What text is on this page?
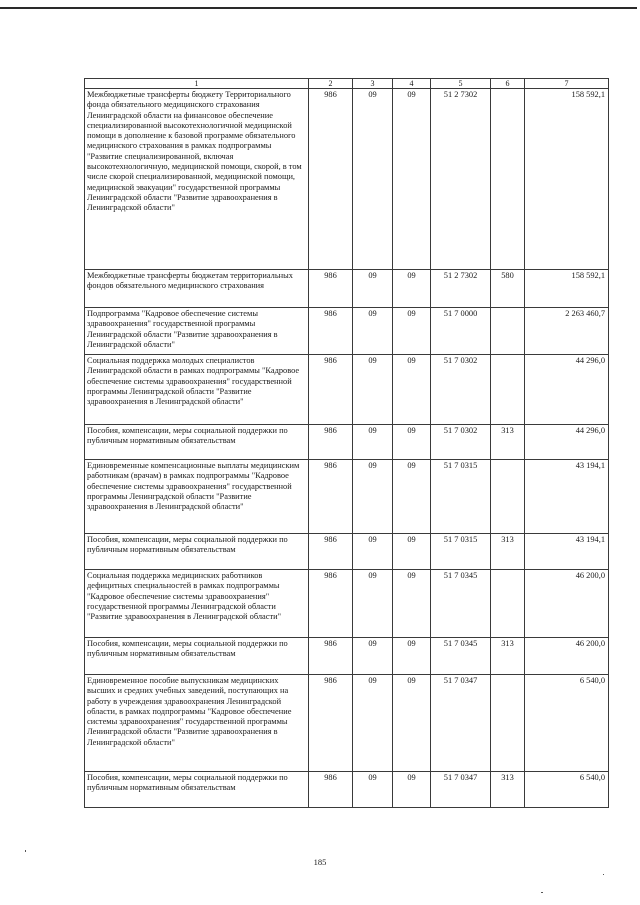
1	2	3	4	5	6	7
Межбюджетные трансферты бюджету Территориального фонда обязательного медицинского страхования Ленинградской области на финансовое обеспечение специализированной высокотехнологичной медицинской помощи в дополнение к базовой программе обязательного медицинского страхования в рамках подпрограммы "Развитие специализированной, включая высокотехнологичную, медицинской помощи, скорой, в том числе скорой специализированной, медицинской помощи, медицинской эвакуации" государственной программы Ленинградской области "Развитие здравоохранения в Ленинградской области"	986	09	09	51 2 7302		158 592,1
Межбюджетные трансферты бюджетам территориальных фондов обязательного медицинского страхования	986	09	09	51 2 7302	580	158 592,1
Подпрограмма "Кадровое обеспечение системы здравоохранения" государственной программы Ленинградской области "Развитие здравоохранения в Ленинградской области"	986	09	09	51 7 0000		2 263 460,7
Социальная поддержка молодых специалистов Ленинградской области в рамках подпрограммы "Кадровое обеспечение системы здравоохранения" государственной программы Ленинградской области "Развитие здравоохранения в Ленинградской области"	986	09	09	51 7 0302		44 296,0
Пособия, компенсации, меры социальной поддержки по публичным нормативным обязательствам	986	09	09	51 7 0302	313	44 296,0
Единовременные компенсационные выплаты медицинским работникам (врачам) в рамках подпрограммы "Кадровое обеспечение системы здравоохранения" государственной программы Ленинградской области "Развитие здравоохранения в Ленинградской области"	986	09	09	51 7 0315		43 194,1
Пособия, компенсации, меры социальной поддержки по публичным нормативным обязательствам	986	09	09	51 7 0315	313	43 194,1
Социальная поддержка медицинских работников дефицитных специальностей в рамках подпрограммы "Кадровое обеспечение системы здравоохранения" государственной программы Ленинградской области "Развитие здравоохранения в Ленинградской области"	986	09	09	51 7 0345		46 200,0
Пособия, компенсации, меры социальной поддержки по публичным нормативным обязательствам	986	09	09	51 7 0345	313	46 200,0
Единовременное пособие выпускникам медицинских высших и средних учебных заведений, поступающих на работу в учреждения здравоохранения Ленинградской области, в рамках подпрограммы "Кадровое обеспечение системы здравоохранения" государственной программы Ленинградской области "Развитие здравоохранения в Ленинградской области"	986	09	09	51 7 0347		6 540,0
Пособия, компенсации, меры социальной поддержки по публичным нормативным обязательствам	986	09	09	51 7 0347	313	6 540,0
185
